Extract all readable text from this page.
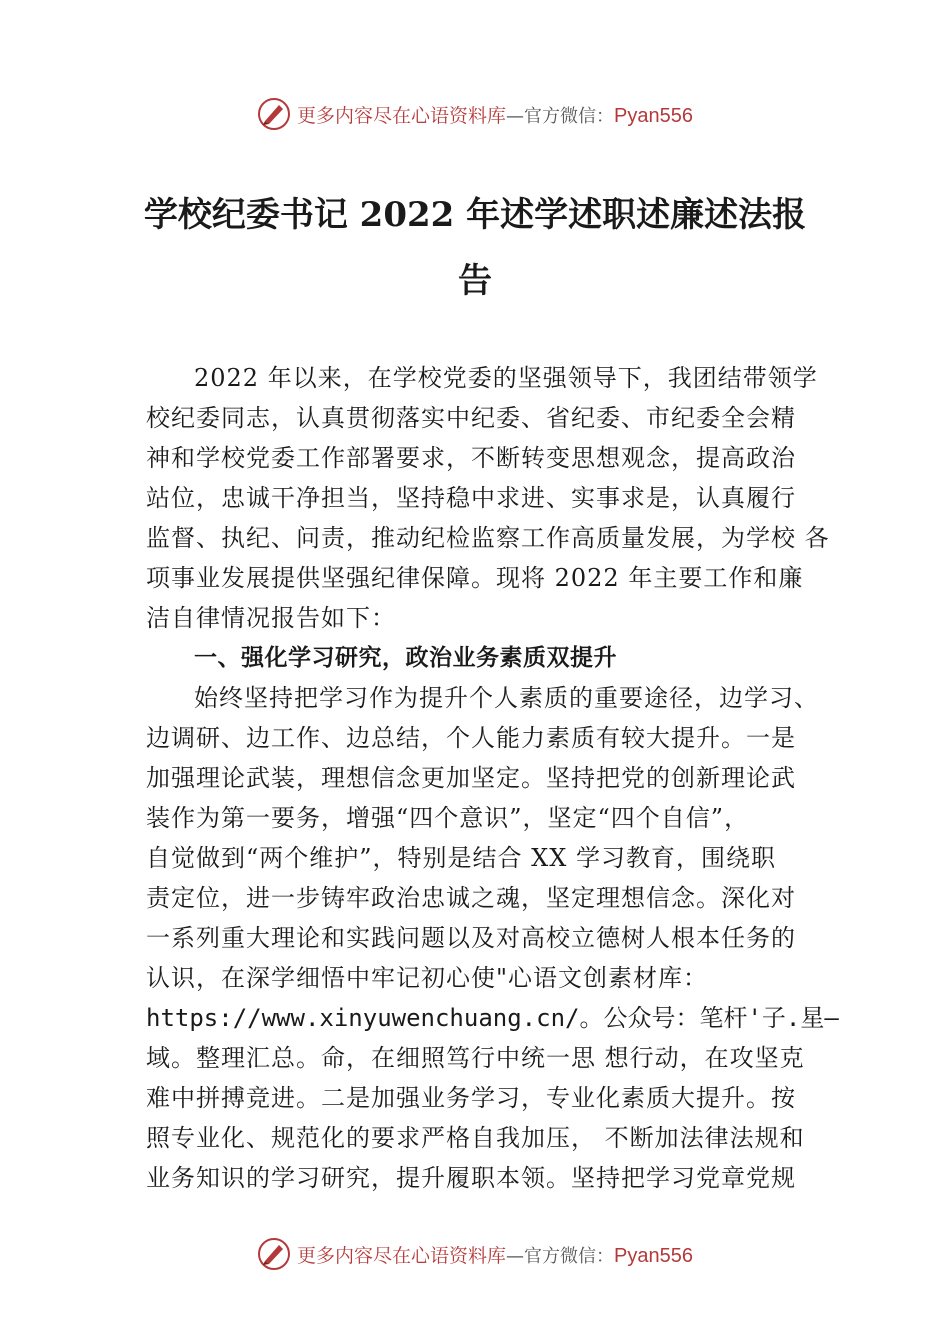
更多内容尽在心语资料库 — 官方微信： Pyan556
学校纪委书记 2022 年述学述职述廉述法报
告
2022 年以来，在学校党委的坚强领导下，我团结带领学
校纪委同志，认真贯彻落实中纪委、省纪委、市纪委全会精
神和学校党委工作部署要求，不断转变思想观念，提高政治
站位，忠诚干净担当，坚持稳中求进、实事求是，认真履行
监督、执纪、问责，推动纪检监察工作高质量发展，为学校 各
项事业发展提供坚强纪律保障。现将 2022 年主要工作和廉
洁自律情况报告如下：
一、强化学习研究，政治业务素质双提升
始终坚持把学习作为提升个人素质的重要途径，边学习、
边调研、边工作、边总结，个人能力素质有较大提升。一是
加强理论武装，理想信念更加坚定。坚持把党的创新理论武
装作为第一要务，增强“四个意识”，坚定“四个自信”，
自觉做到“两个维护”，特别是结合 XX 学习教育，围绕职
责定位，进一步铸牢政治忠诚之魂，坚定理想信念。深化对
一系列重大理论和实践问题以及对高校立德树人根本任务的
认识，在深学细悟中牢记初心使"心语文创素材库：
https://www.xinyuwenchuang.cn/。公众号：笔杆'子.星—
域。整理汇总。命，在细照笃行中统一思 想行动，在攻坚克
难中拼搏竞进。二是加强业务学习，专业化素质大提升。按
照专业化、规范化的要求严格自我加压， 不断加法律法规和
业务知识的学习研究，提升履职本领。坚持把学习党章党规
更多内容尽在心语资料库 — 官方微信： Pyan556
